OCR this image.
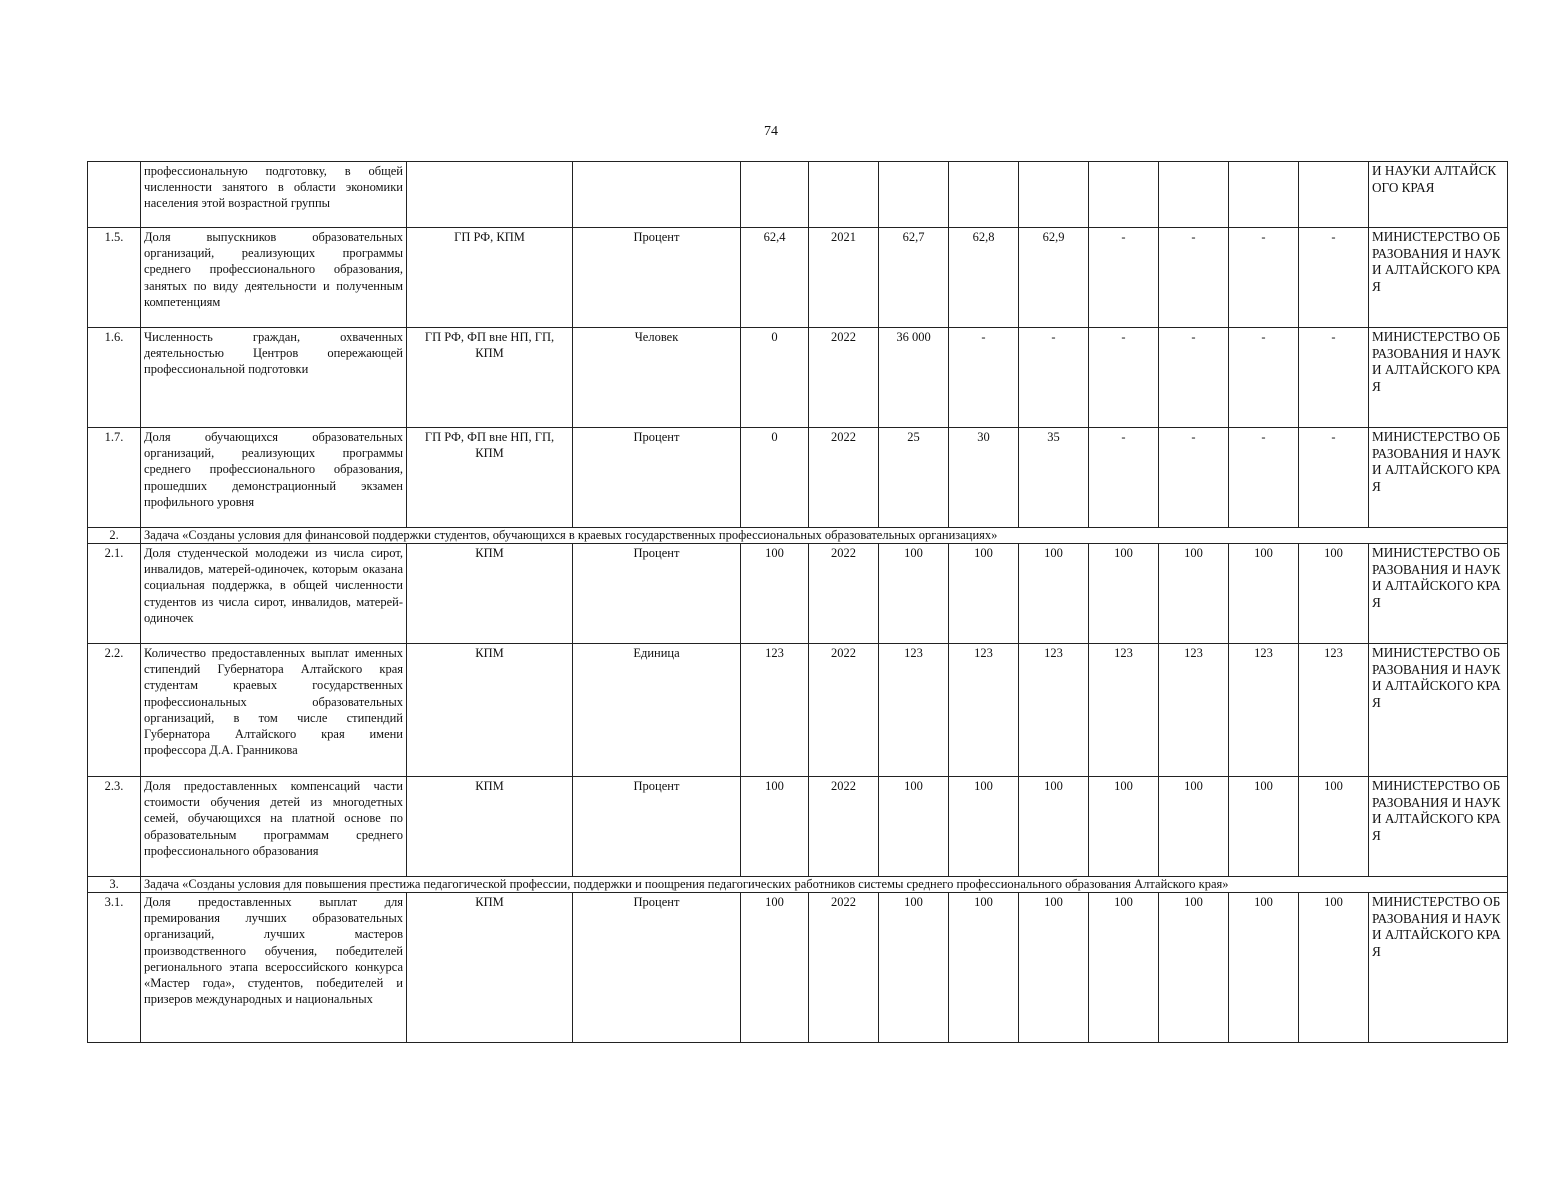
74
	профессиональную подготовку, в общей численности занятого в области экономики населения этой возрастной группы												И НАУКИ АЛТАЙСКОГО КРАЯ
1.5.	Доля выпускников образовательных организаций, реализующих программы среднего профессионального образования, занятых по виду деятельности и полученным компетенциям	ГП РФ, КПМ	Процент	62,4	2021	62,7	62,8	62,9	-	-	-	-	МИНИСТЕРСТВО ОБРАЗОВАНИЯ И НАУКИ АЛТАЙСКОГО КРАЯ
1.6.	Численность граждан, охваченных деятельностью Центров опережающей профессиональной подготовки	ГП РФ, ФП вне НП, ГП, КПМ	Человек	0	2022	36 000	-	-	-	-	-	-	МИНИСТЕРСТВО ОБРАЗОВАНИЯ И НАУКИ АЛТАЙСКОГО КРАЯ
1.7.	Доля обучающихся образовательных организаций, реализующих программы среднего профессионального образования, прошедших демонстрационный экзамен профильного уровня	ГП РФ, ФП вне НП, ГП, КПМ	Процент	0	2022	25	30	35	-	-	-	-	МИНИСТЕРСТВО ОБРАЗОВАНИЯ И НАУКИ АЛТАЙСКОГО КРАЯ
2.	Задача «Созданы условия для финансовой поддержки студентов, обучающихся в краевых государственных профессиональных образовательных организациях»												
2.1.	Доля студенческой молодежи из числа сирот, инвалидов, матерей-одиночек, которым оказана социальная поддержка, в общей численности студентов из числа сирот, инвалидов, матерей-одиночек	КПМ	Процент	100	2022	100	100	100	100	100	100	100	МИНИСТЕРСТВО ОБРАЗОВАНИЯ И НАУКИ АЛТАЙСКОГО КРАЯ
2.2.	Количество предоставленных выплат именных стипендий Губернатора Алтайского края студентам краевых государственных профессиональных образовательных организаций, в том числе стипендий Губернатора Алтайского края имени профессора Д.А. Гранникова	КПМ	Единица	123	2022	123	123	123	123	123	123	123	МИНИСТЕРСТВО ОБРАЗОВАНИЯ И НАУКИ АЛТАЙСКОГО КРАЯ
2.3.	Доля предоставленных компенсаций части стоимости обучения детей из многодетных семей, обучающихся на платной основе по образовательным программам среднего профессионального образования	КПМ	Процент	100	2022	100	100	100	100	100	100	100	МИНИСТЕРСТВО ОБРАЗОВАНИЯ И НАУКИ АЛТАЙСКОГО КРАЯ
3.	Задача «Созданы условия для повышения престижа педагогической профессии, поддержки и поощрения педагогических работников системы среднего профессионального образования Алтайского края»												
3.1.	Доля предоставленных выплат для премирования лучших образовательных организаций, лучших мастеров производственного обучения, победителей регионального этапа всероссийского конкурса «Мастер года», студентов, победителей и призеров международных и национальных	КПМ	Процент	100	2022	100	100	100	100	100	100	100	МИНИСТЕРСТВО ОБРАЗОВАНИЯ И НАУКИ АЛТАЙСКОГО КРАЯ
